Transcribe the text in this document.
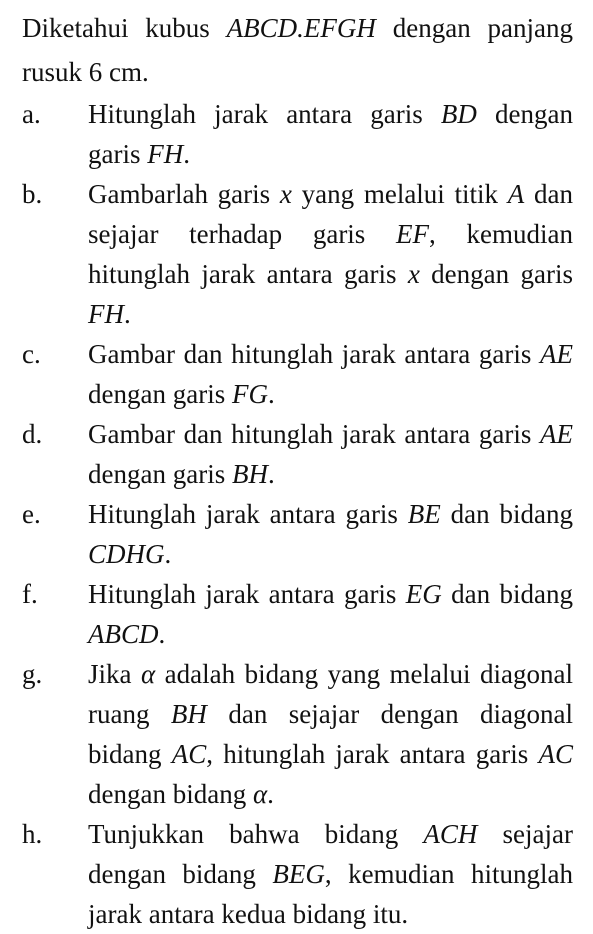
Diketahui kubus ABCD.EFGH dengan panjang rusuk 6 cm.

a.	Hitunglah jarak antara garis BD dengan garis FH.

b.	Gambarlah garis x yang melalui titik A dan sejajar terhadap garis EF, kemudian hitunglah jarak antara garis x dengan garis FH.

c.	Gambar dan hitunglah jarak antara garis AE dengan garis FG.

d.	Gambar dan hitunglah jarak antara garis AE dengan garis BH.

e.	Hitunglah jarak antara garis BE dan bidang CDHG.

f.	Hitunglah jarak antara garis EG dan bidang ABCD.

g.	Jika α adalah bidang yang melalui diagonal ruang BH dan sejajar dengan diagonal bidang AC, hitunglah jarak antara garis AC dengan bidang α.

h.	Tunjukkan bahwa bidang ACH sejajar dengan bidang BEG, kemudian hitunglah jarak antara kedua bidang itu.
